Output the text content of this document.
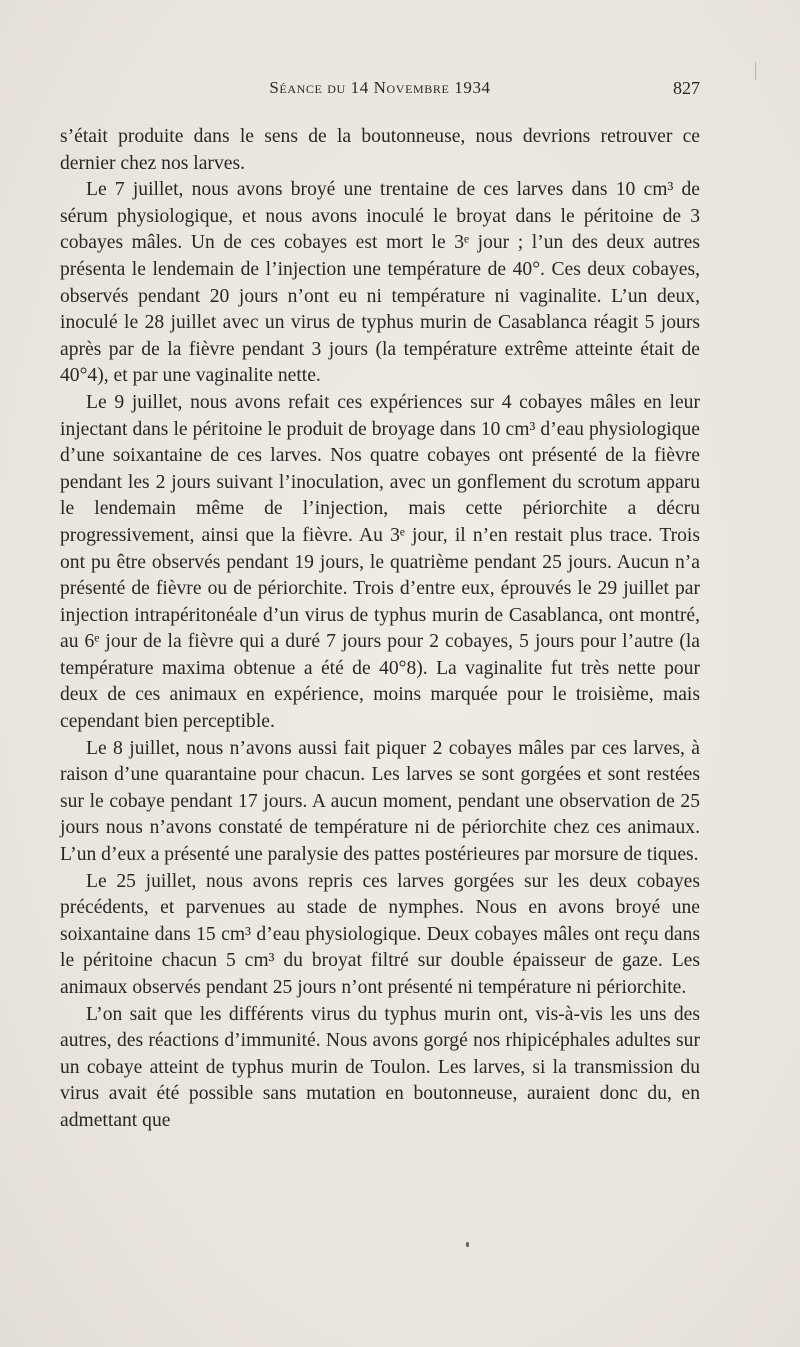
Séance du 14 Novembre 1934	827

s’était produite dans le sens de la boutonneuse, nous devrions retrouver ce dernier chez nos larves.

Le 7 juillet, nous avons broyé une trentaine de ces larves dans 10 cm³ de sérum physiologique, et nous avons inoculé le broyat dans le péritoine de 3 cobayes mâles. Un de ces cobayes est mort le 3ᵉ jour ; l’un des deux autres présenta le lendemain de l’injection une température de 40°. Ces deux cobayes, observés pendant 20 jours n’ont eu ni température ni vaginalite. L’un deux, inoculé le 28 juillet avec un virus de typhus murin de Casablanca réagit 5 jours après par de la fièvre pendant 3 jours (la température extrême atteinte était de 40°4), et par une vaginalite nette.

Le 9 juillet, nous avons refait ces expériences sur 4 cobayes mâles en leur injectant dans le péritoine le produit de broyage dans 10 cm³ d’eau physiologique d’une soixantaine de ces larves. Nos quatre cobayes ont présenté de la fièvre pendant les 2 jours suivant l’inoculation, avec un gonflement du scrotum apparu le lendemain même de l’injection, mais cette périorchite a décru progressivement, ainsi que la fièvre. Au 3ᵉ jour, il n’en restait plus trace. Trois ont pu être observés pendant 19 jours, le quatrième pendant 25 jours. Aucun n’a présenté de fièvre ou de périorchite. Trois d’entre eux, éprouvés le 29 juillet par injection intrapéritonéale d’un virus de typhus murin de Casablanca, ont montré, au 6ᵉ jour de la fièvre qui a duré 7 jours pour 2 cobayes, 5 jours pour l’autre (la température maxima obtenue a été de 40°8). La vaginalite fut très nette pour deux de ces animaux en expérience, moins marquée pour le troisième, mais cependant bien perceptible.

Le 8 juillet, nous n’avons aussi fait piquer 2 cobayes mâles par ces larves, à raison d’une quarantaine pour chacun. Les larves se sont gorgées et sont restées sur le cobaye pendant 17 jours. A aucun moment, pendant une observation de 25 jours nous n’avons constaté de température ni de périorchite chez ces animaux. L’un d’eux a présenté une paralysie des pattes postérieures par morsure de tiques.

Le 25 juillet, nous avons repris ces larves gorgées sur les deux cobayes précédents, et parvenues au stade de nymphes. Nous en avons broyé une soixantaine dans 15 cm³ d’eau physiologique. Deux cobayes mâles ont reçu dans le péritoine chacun 5 cm³ du broyat filtré sur double épaisseur de gaze. Les animaux observés pendant 25 jours n’ont présenté ni température ni périorchite.

L’on sait que les différents virus du typhus murin ont, vis-à-vis les uns des autres, des réactions d’immunité. Nous avons gorgé nos rhipicéphales adultes sur un cobaye atteint de typhus murin de Toulon. Les larves, si la transmission du virus avait été possible sans mutation en boutonneuse, auraient donc du, en admettant que
